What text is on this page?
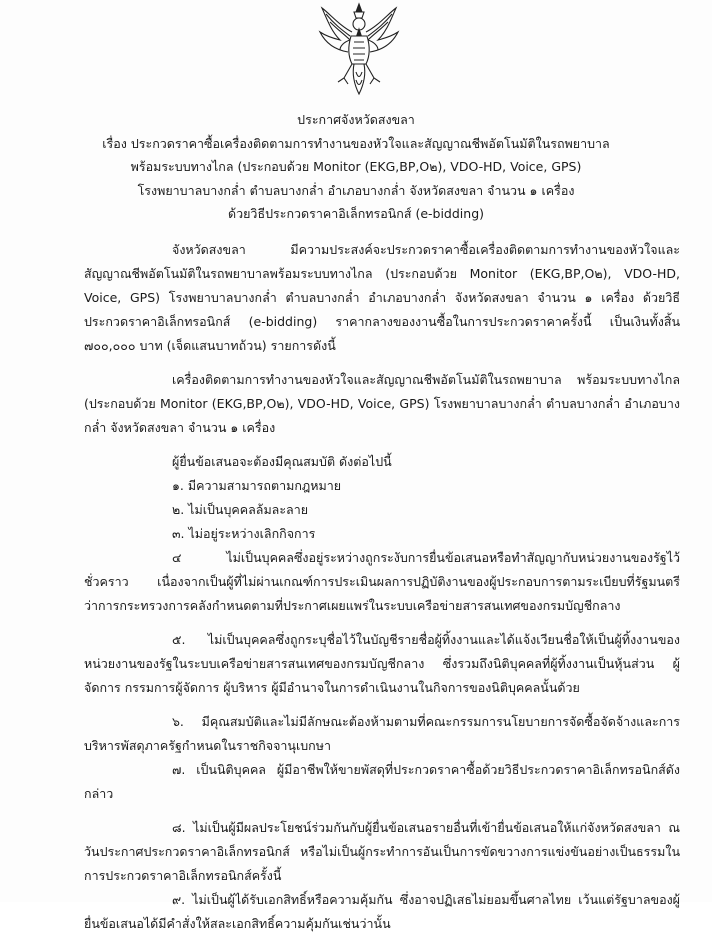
ประกาศจังหวัดสงขลา
เรื่อง ประกวดราคาซื้อเครื่องติดตามการทำงานของหัวใจและสัญญาณชีพอัตโนมัติในรถพยาบาล
พร้อมระบบทางไกล (ประกอบด้วย Monitor (EKG,BP,O๒), VDO-HD, Voice, GPS)
โรงพยาบาลบางกล่ำ ตำบลบางกล่ำ อำเภอบางกล่ำ จังหวัดสงขลา จำนวน ๑ เครื่อง
ด้วยวิธีประกวดราคาอิเล็กทรอนิกส์ (e-bidding)

จังหวัดสงขลา มีความประสงค์จะประกวดราคาซื้อเครื่องติดตามการทำงานของหัวใจและสัญญาณชีพอัตโนมัติในรถพยาบาลพร้อมระบบทางไกล (ประกอบด้วย Monitor (EKG,BP,O๒), VDO-HD, Voice, GPS) โรงพยาบาลบางกล่ำ ตำบลบางกล่ำ อำเภอบางกล่ำ จังหวัดสงขลา จำนวน ๑ เครื่อง ด้วยวิธีประกวดราคาอิเล็กทรอนิกส์ (e-bidding) ราคากลางของงานซื้อในการประกวดราคาครั้งนี้ เป็นเงินทั้งสิ้น ๗๐๐,๐๐๐ บาท (เจ็ดแสนบาทถ้วน) รายการดังนี้

เครื่องติดตามการทำงานของหัวใจและสัญญาณชีพอัตโนมัติในรถพยาบาล พร้อมระบบทางไกล (ประกอบด้วย Monitor (EKG,BP,O๒), VDO-HD, Voice, GPS) โรงพยาบาลบางกล่ำ ตำบลบางกล่ำ อำเภอบางกล่ำ จังหวัดสงขลา จำนวน ๑ เครื่อง

ผู้ยื่นข้อเสนอจะต้องมีคุณสมบัติ ดังต่อไปนี้
๑. มีความสามารถตามกฎหมาย
๒. ไม่เป็นบุคคลล้มละลาย
๓. ไม่อยู่ระหว่างเลิกกิจการ

๔ ไม่เป็นบุคคลซึ่งอยู่ระหว่างถูกระงับการยื่นข้อเสนอหรือทำสัญญากับหน่วยงานของรัฐไว้ชั่วคราว เนื่องจากเป็นผู้ที่ไม่ผ่านเกณฑ์การประเมินผลการปฏิบัติงานของผู้ประกอบการตามระเบียบที่รัฐมนตรีว่าการกระทรวงการคลังกำหนดตามที่ประกาศเผยแพร่ในระบบเครือข่ายสารสนเทศของกรมบัญชีกลาง

๕. ไม่เป็นบุคคลซึ่งถูกระบุชื่อไว้ในบัญชีรายชื่อผู้ทิ้งงานและได้แจ้งเวียนชื่อให้เป็นผู้ทิ้งงานของหน่วยงานของรัฐในระบบเครือข่ายสารสนเทศของกรมบัญชีกลาง ซึ่งรวมถึงนิติบุคคลที่ผู้ทิ้งงานเป็นหุ้นส่วน ผู้จัดการ กรรมการผู้จัดการ ผู้บริหาร ผู้มีอำนาจในการดำเนินงานในกิจการของนิติบุคคลนั้นด้วย

๖. มีคุณสมบัติและไม่มีลักษณะต้องห้ามตามที่คณะกรรมการนโยบายการจัดซื้อจัดจ้างและการบริหารพัสดุภาครัฐกำหนดในราชกิจจานุเบกษา

๗. เป็นนิติบุคคล ผู้มีอาชีพให้ขายพัสดุที่ประกวดราคาซื้อด้วยวิธีประกวดราคาอิเล็กทรอนิกส์ดังกล่าว

๘. ไม่เป็นผู้มีผลประโยชน์ร่วมกันกับผู้ยื่นข้อเสนอรายอื่นที่เข้ายื่นข้อเสนอให้แก่จังหวัดสงขลา ณ วันประกาศประกวดราคาอิเล็กทรอนิกส์ หรือไม่เป็นผู้กระทำการอันเป็นการขัดขวางการแข่งขันอย่างเป็นธรรมในการประกวดราคาอิเล็กทรอนิกส์ครั้งนี้

๙. ไม่เป็นผู้ได้รับเอกสิทธิ์หรือความคุ้มกัน ซึ่งอาจปฏิเสธไม่ยอมขึ้นศาลไทย เว้นแต่รัฐบาลของผู้ยื่นข้อเสนอได้มีคำสั่งให้สละเอกสิทธิ์ความคุ้มกันเช่นว่านั้น
